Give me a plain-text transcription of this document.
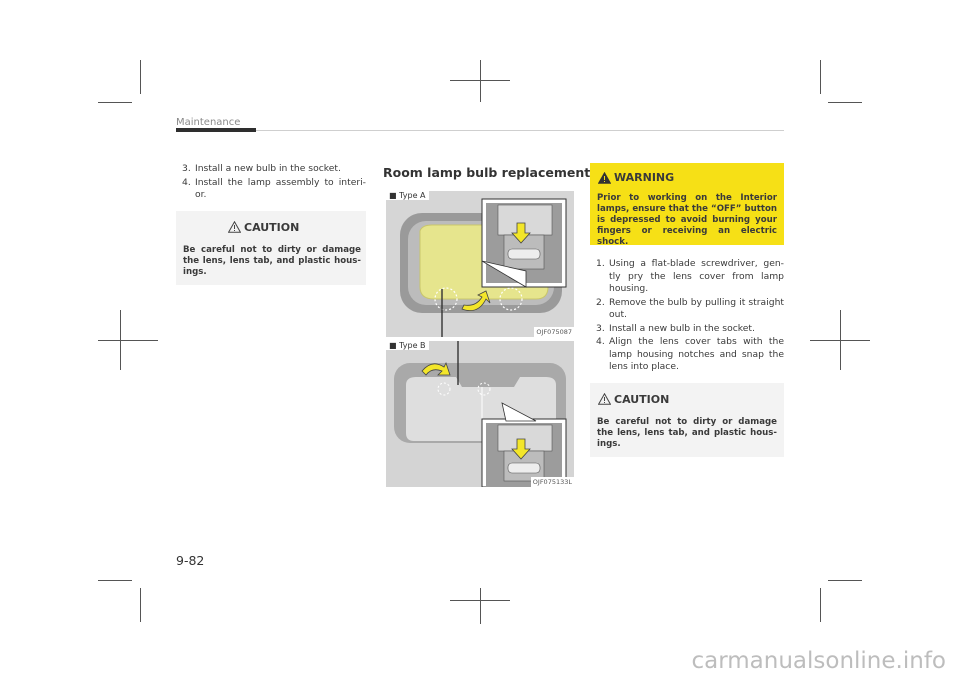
Maintenance
3. Install a new bulb in the socket.
4. Install the lamp assembly to interi-or.
CAUTION
Be careful not to dirty or damage the lens, lens tab, and plastic hous-ings.
Room lamp bulb replacement
■ Type A
OJF075087
■ Type B
OJF075133L
WARNING
Prior to working on the Interior lamps, ensure that the “OFF” button is depressed to avoid burning your fingers or receiving an electric shock.
1. Using a flat-blade screwdriver, gen-tly pry the lens cover from lamp housing.
2. Remove the bulb by pulling it straight out.
3. Install a new bulb in the socket.
4. Align the lens cover tabs with the lamp housing notches and snap the lens into place.
CAUTION
Be careful not to dirty or damage the lens, lens tab, and plastic hous-ings.
9-82
carmanualsonline.info
